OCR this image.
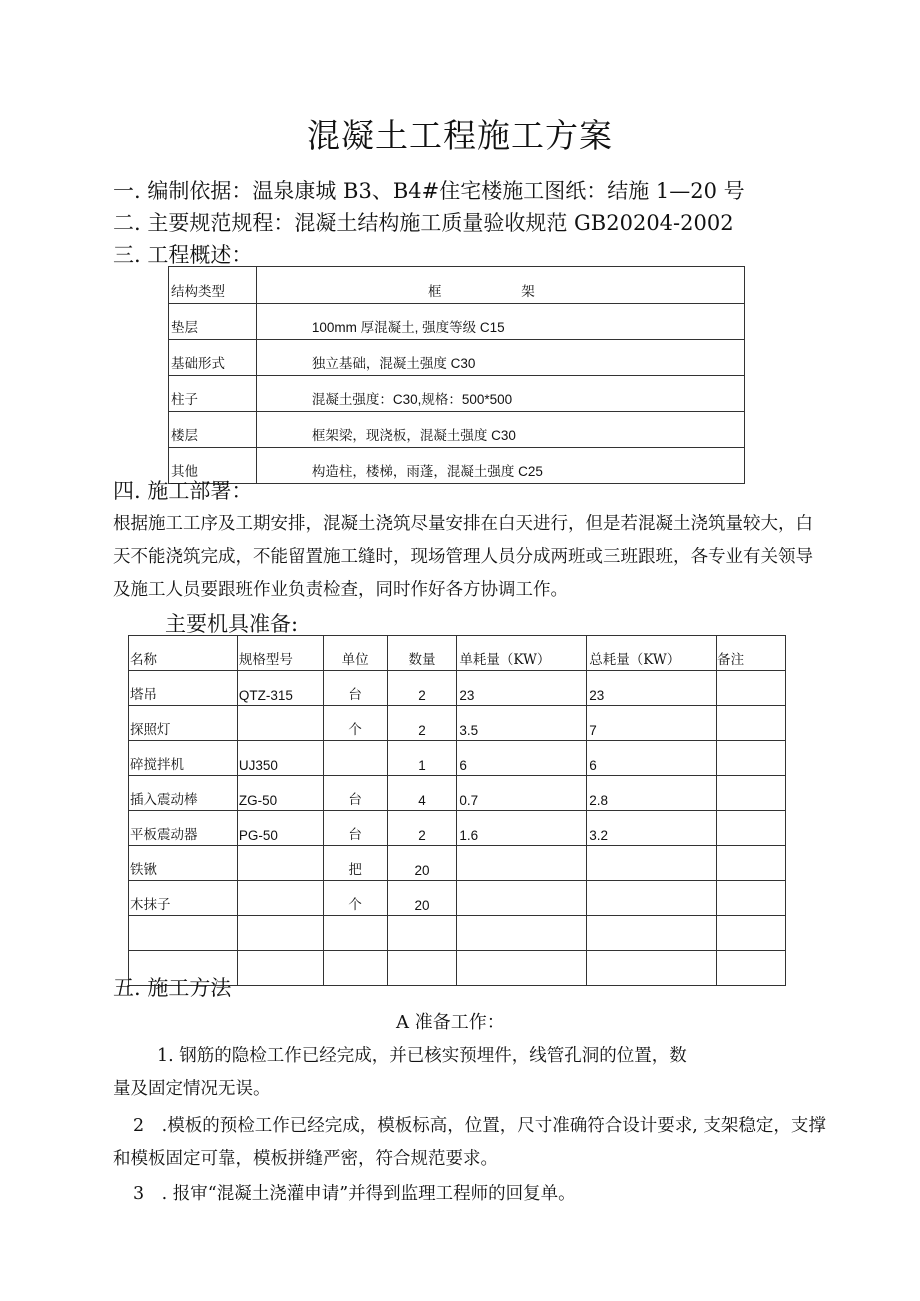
混凝土工程施工方案
一. 编制依据：温泉康城 B3、B4#住宅楼施工图纸：结施 1—20 号
二. 主要规范规程：混凝土结构施工质量验收规范 GB20204-2002
三. 工程概述：
结构类型	框 架
垫层	100mm 厚混凝土, 强度等级 C15
基础形式	独立基础，混凝土强度 C30
柱子	混凝土强度：C30,规格：500*500
楼层	框架梁，现浇板，混凝土强度 C30
其他	构造柱，楼梯，雨蓬，混凝土强度 C25
四. 施工部署：
根据施工工序及工期安排，混凝土浇筑尽量安排在白天进行，但是若混凝土浇筑量较大，白
天不能浇筑完成，不能留置施工缝时，现场管理人员分成两班或三班跟班，各专业有关领导
及施工人员要跟班作业负责检查，同时作好各方协调工作。
主要机具准备:
名称	规格型号	单位	数量	单耗量（KW）	总耗量（KW）	备注
塔吊	QTZ-315	台	2	23	23	
探照灯		个	2	3.5	7	
碎搅拌机	UJ350		1	6	6	
插入震动棒	ZG-50	台	4	0.7	2.8	
平板震动器	PG-50	台	2	1.6	3.2	
铁锹		把	20			
木抹子		个	20			

五. 施工方法
A 准备工作：
1. 钢筋的隐检工作已经完成，并已核实预埋件，线管孔洞的位置，数
量及固定情况无误。
2　.模板的预检工作已经完成，模板标高，位置，尺寸准确符合设计要求, 支架稳定，支撑
和模板固定可靠，模板拼缝严密，符合规范要求。
3　. 报审“混凝土浇灌申请”并得到监理工程师的回复单。
